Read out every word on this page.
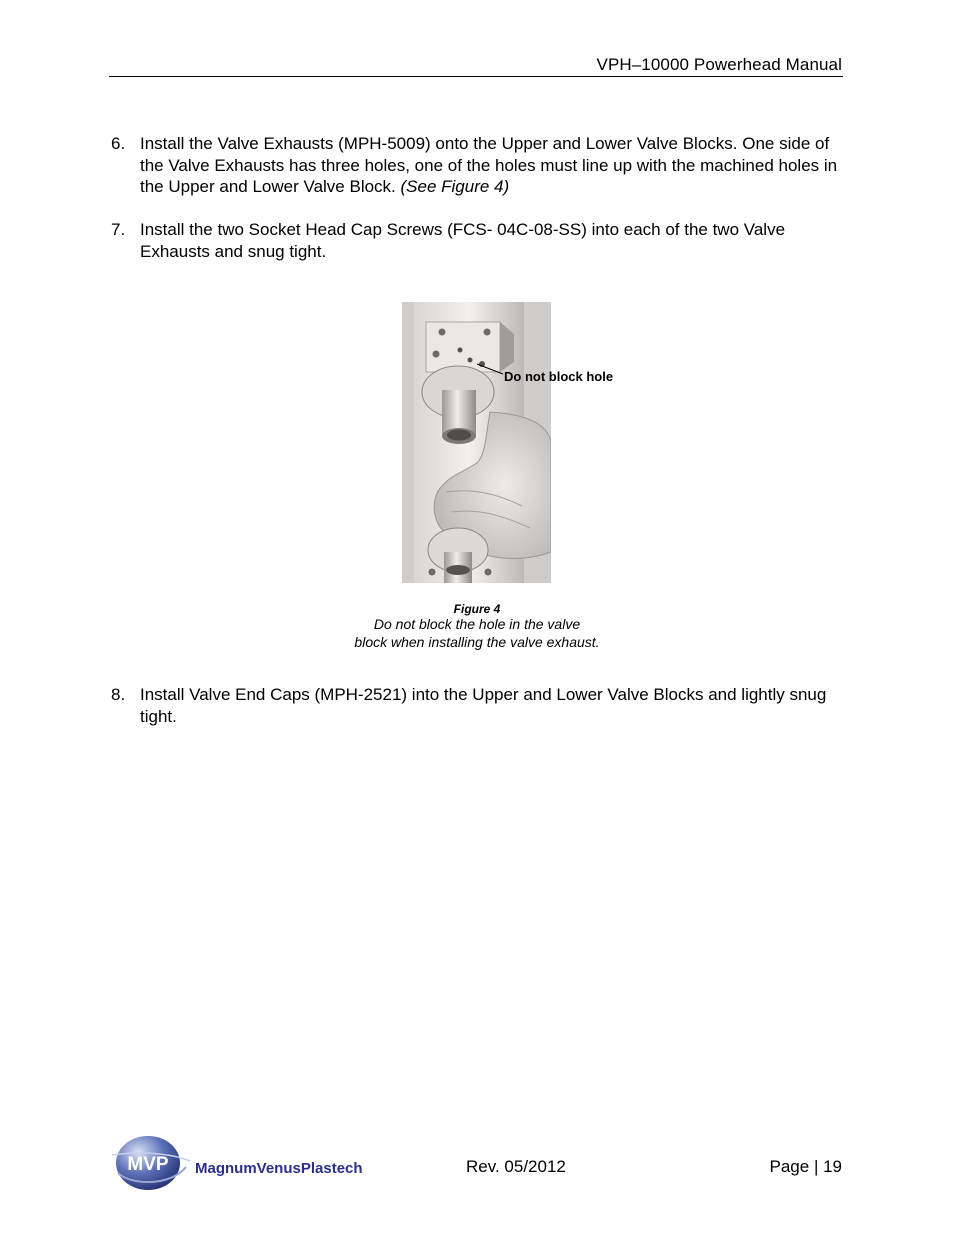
VPH–10000 Powerhead Manual
6. Install the Valve Exhausts (MPH-5009) onto the Upper and Lower Valve Blocks. One side of the Valve Exhausts has three holes, one of the holes must line up with the machined holes in the Upper and Lower Valve Block. (See Figure 4)
7. Install the two Socket Head Cap Screws (FCS- 04C-08-SS) into each of the two Valve Exhausts and snug tight.
Do not block hole
Figure 4
Do not block the hole in the valve
block when installing the valve exhaust.
8. Install Valve End Caps (MPH-2521) into the Upper and Lower Valve Blocks and lightly snug tight.
MVP MagnumVenusPlastech	Rev. 05/2012	Page | 19
